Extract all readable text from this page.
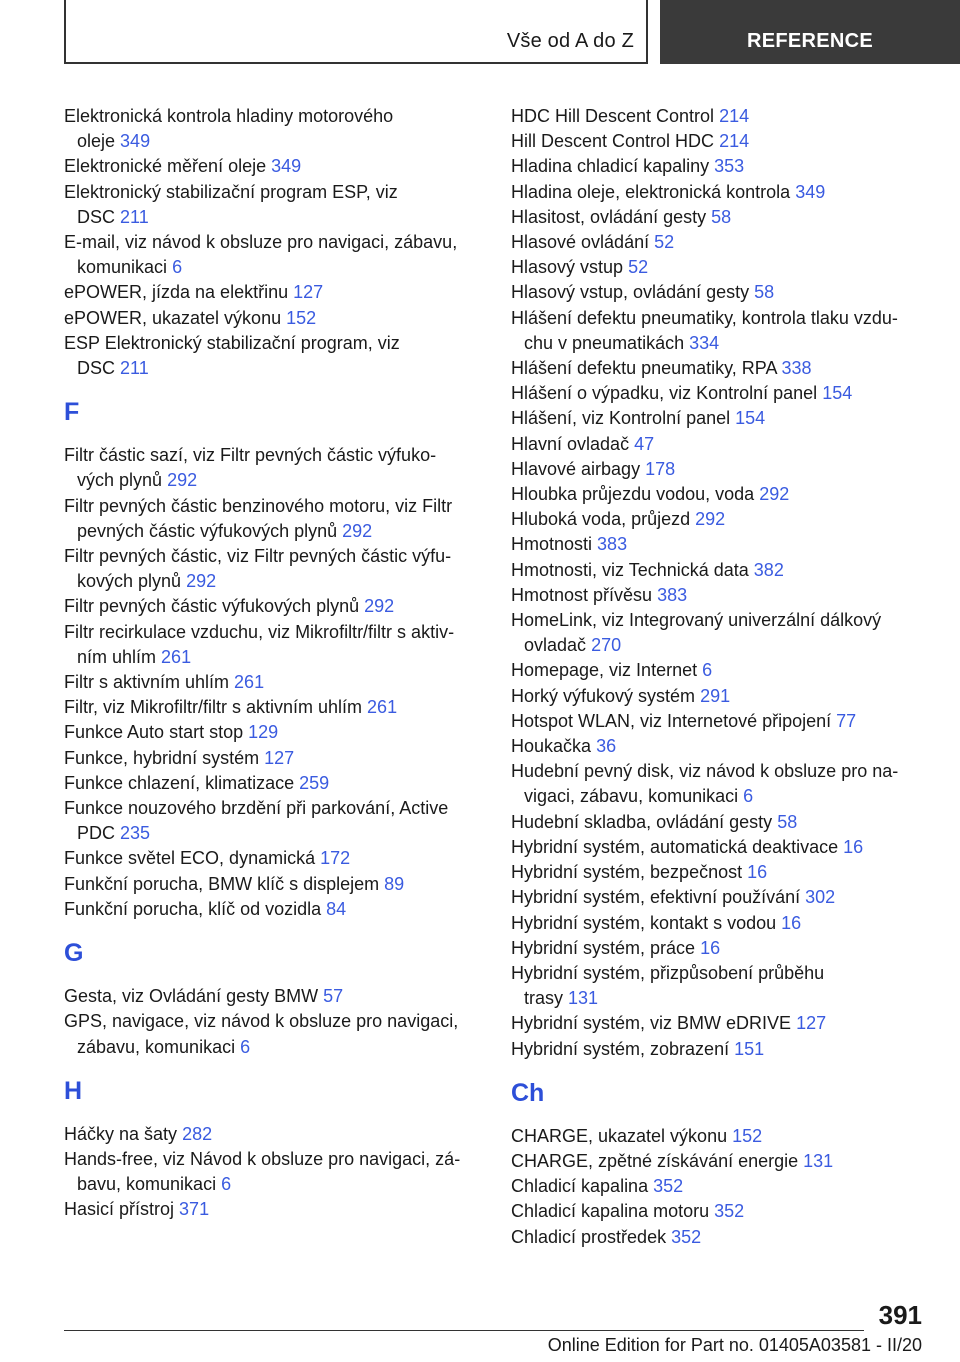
Vše od A do Z	REFERENCE
Elektronická kontrola hladiny motorového
oleje 349
Elektronické měření oleje 349
Elektronický stabilizační program ESP, viz
DSC 211
E-mail, viz návod k obsluze pro navigaci, zábavu,
komunikaci 6
ePOWER, jízda na elektřinu 127
ePOWER, ukazatel výkonu 152
ESP Elektronický stabilizační program, viz
DSC 211
F
Filtr částic sazí, viz Filtr pevných částic výfuko‐
vých plynů 292
Filtr pevných částic benzinového motoru, viz Filtr
pevných částic výfukových plynů 292
Filtr pevných částic, viz Filtr pevných částic výfu‐
kových plynů 292
Filtr pevných částic výfukových plynů 292
Filtr recirkulace vzduchu, viz Mikrofiltr/filtr s aktiv‐
ním uhlím 261
Filtr s aktivním uhlím 261
Filtr, viz Mikrofiltr/filtr s aktivním uhlím 261
Funkce Auto start stop 129
Funkce, hybridní systém 127
Funkce chlazení, klimatizace 259
Funkce nouzového brzdění při parkování, Active
PDC 235
Funkce světel ECO, dynamická 172
Funkční porucha, BMW klíč s displejem 89
Funkční porucha, klíč od vozidla 84
G
Gesta, viz Ovládání gesty BMW 57
GPS, navigace, viz návod k obsluze pro navigaci,
zábavu, komunikaci 6
H
Háčky na šaty 282
Hands-free, viz Návod k obsluze pro navigaci, zá‐
bavu, komunikaci 6
Hasicí přístroj 371
HDC Hill Descent Control 214
Hill Descent Control HDC 214
Hladina chladicí kapaliny 353
Hladina oleje, elektronická kontrola 349
Hlasitost, ovládání gesty 58
Hlasové ovládání 52
Hlasový vstup 52
Hlasový vstup, ovládání gesty 58
Hlášení defektu pneumatiky, kontrola tlaku vzdu‐
chu v pneumatikách 334
Hlášení defektu pneumatiky, RPA 338
Hlášení o výpadku, viz Kontrolní panel 154
Hlášení, viz Kontrolní panel 154
Hlavní ovladač 47
Hlavové airbagy 178
Hloubka průjezdu vodou, voda 292
Hluboká voda, průjezd 292
Hmotnosti 383
Hmotnosti, viz Technická data 382
Hmotnost přívěsu 383
HomeLink, viz Integrovaný univerzální dálkový
ovladač 270
Homepage, viz Internet 6
Horký výfukový systém 291
Hotspot WLAN, viz Internetové připojení 77
Houkačka 36
Hudební pevný disk, viz návod k obsluze pro na‐
vigaci, zábavu, komunikaci 6
Hudební skladba, ovládání gesty 58
Hybridní systém, automatická deaktivace 16
Hybridní systém, bezpečnost 16
Hybridní systém, efektivní používání 302
Hybridní systém, kontakt s vodou 16
Hybridní systém, práce 16
Hybridní systém, přizpůsobení průběhu
trasy 131
Hybridní systém, viz BMW eDRIVE 127
Hybridní systém, zobrazení 151
Ch
CHARGE, ukazatel výkonu 152
CHARGE, zpětné získávání energie 131
Chladicí kapalina 352
Chladicí kapalina motoru 352
Chladicí prostředek 352
391
Online Edition for Part no. 01405A03581 - II/20
